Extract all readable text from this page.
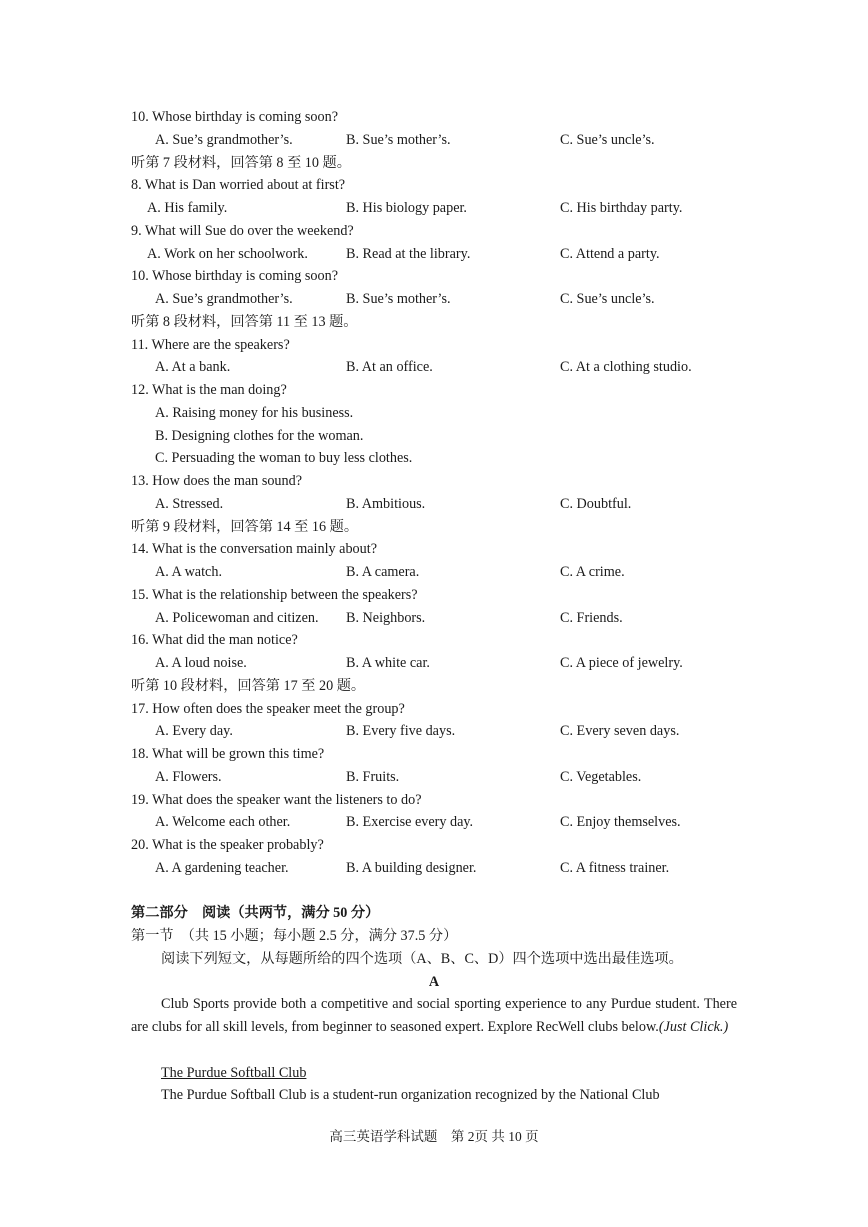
10. Whose birthday is coming soon?
A. Sue’s grandmother’s.	B. Sue’s mother’s.	C. Sue’s uncle’s.
听第 7 段材料，回答第 8 至 10 题。
8. What is Dan worried about at first?
A. His family.	B. His biology paper.	C. His birthday party.
9. What will Sue do over the weekend?
A. Work on her schoolwork.	B. Read at the library.	C. Attend a party.
10. Whose birthday is coming soon?
A. Sue’s grandmother’s.	B. Sue’s mother’s.	C. Sue’s uncle’s.
听第 8 段材料，回答第 11 至 13 题。
11. Where are the speakers?
A. At a bank.	B. At an office.	C. At a clothing studio.
12. What is the man doing?
A. Raising money for his business.
B. Designing clothes for the woman.
C. Persuading the woman to buy less clothes.
13. How does the man sound?
A. Stressed.	B. Ambitious.	C. Doubtful.
听第 9 段材料，回答第 14 至 16 题。
14. What is the conversation mainly about?
A. A watch.	B. A camera.	C. A crime.
15. What is the relationship between the speakers?
A. Policewoman and citizen. B. Neighbors.	C. Friends.
16. What did the man notice?
A. A loud noise.	B. A white car.	C. A piece of jewelry.
听第 10 段材料，回答第 17 至 20 题。
17. How often does the speaker meet the group?
A. Every day.	B. Every five days.	C. Every seven days.
18. What will be grown this time?
A. Flowers.	B. Fruits.	C. Vegetables.
19. What does the speaker want the listeners to do?
A. Welcome each other.	B. Exercise every day.	C. Enjoy themselves.
20. What is the speaker probably?
A. A gardening teacher.	B. A building designer.	C. A fitness trainer.
第二部分　阅读（共两节，满分 50 分）
第一节　（共 15 小题；每小题 2.5 分，满分 37.5 分）
阅读下列短文，从每题所给的四个选项（A、B、C、D）四个选项中选出最佳选项。
A
Club Sports provide both a competitive and social sporting experience to any Purdue student. There are clubs for all skill levels, from beginner to seasoned expert. Explore RecWell clubs below.(Just Click.)
The Purdue Softball Club
The Purdue Softball Club is a student-run organization recognized by the National Club
高三英语学科试题　第 2页 共 10 页
